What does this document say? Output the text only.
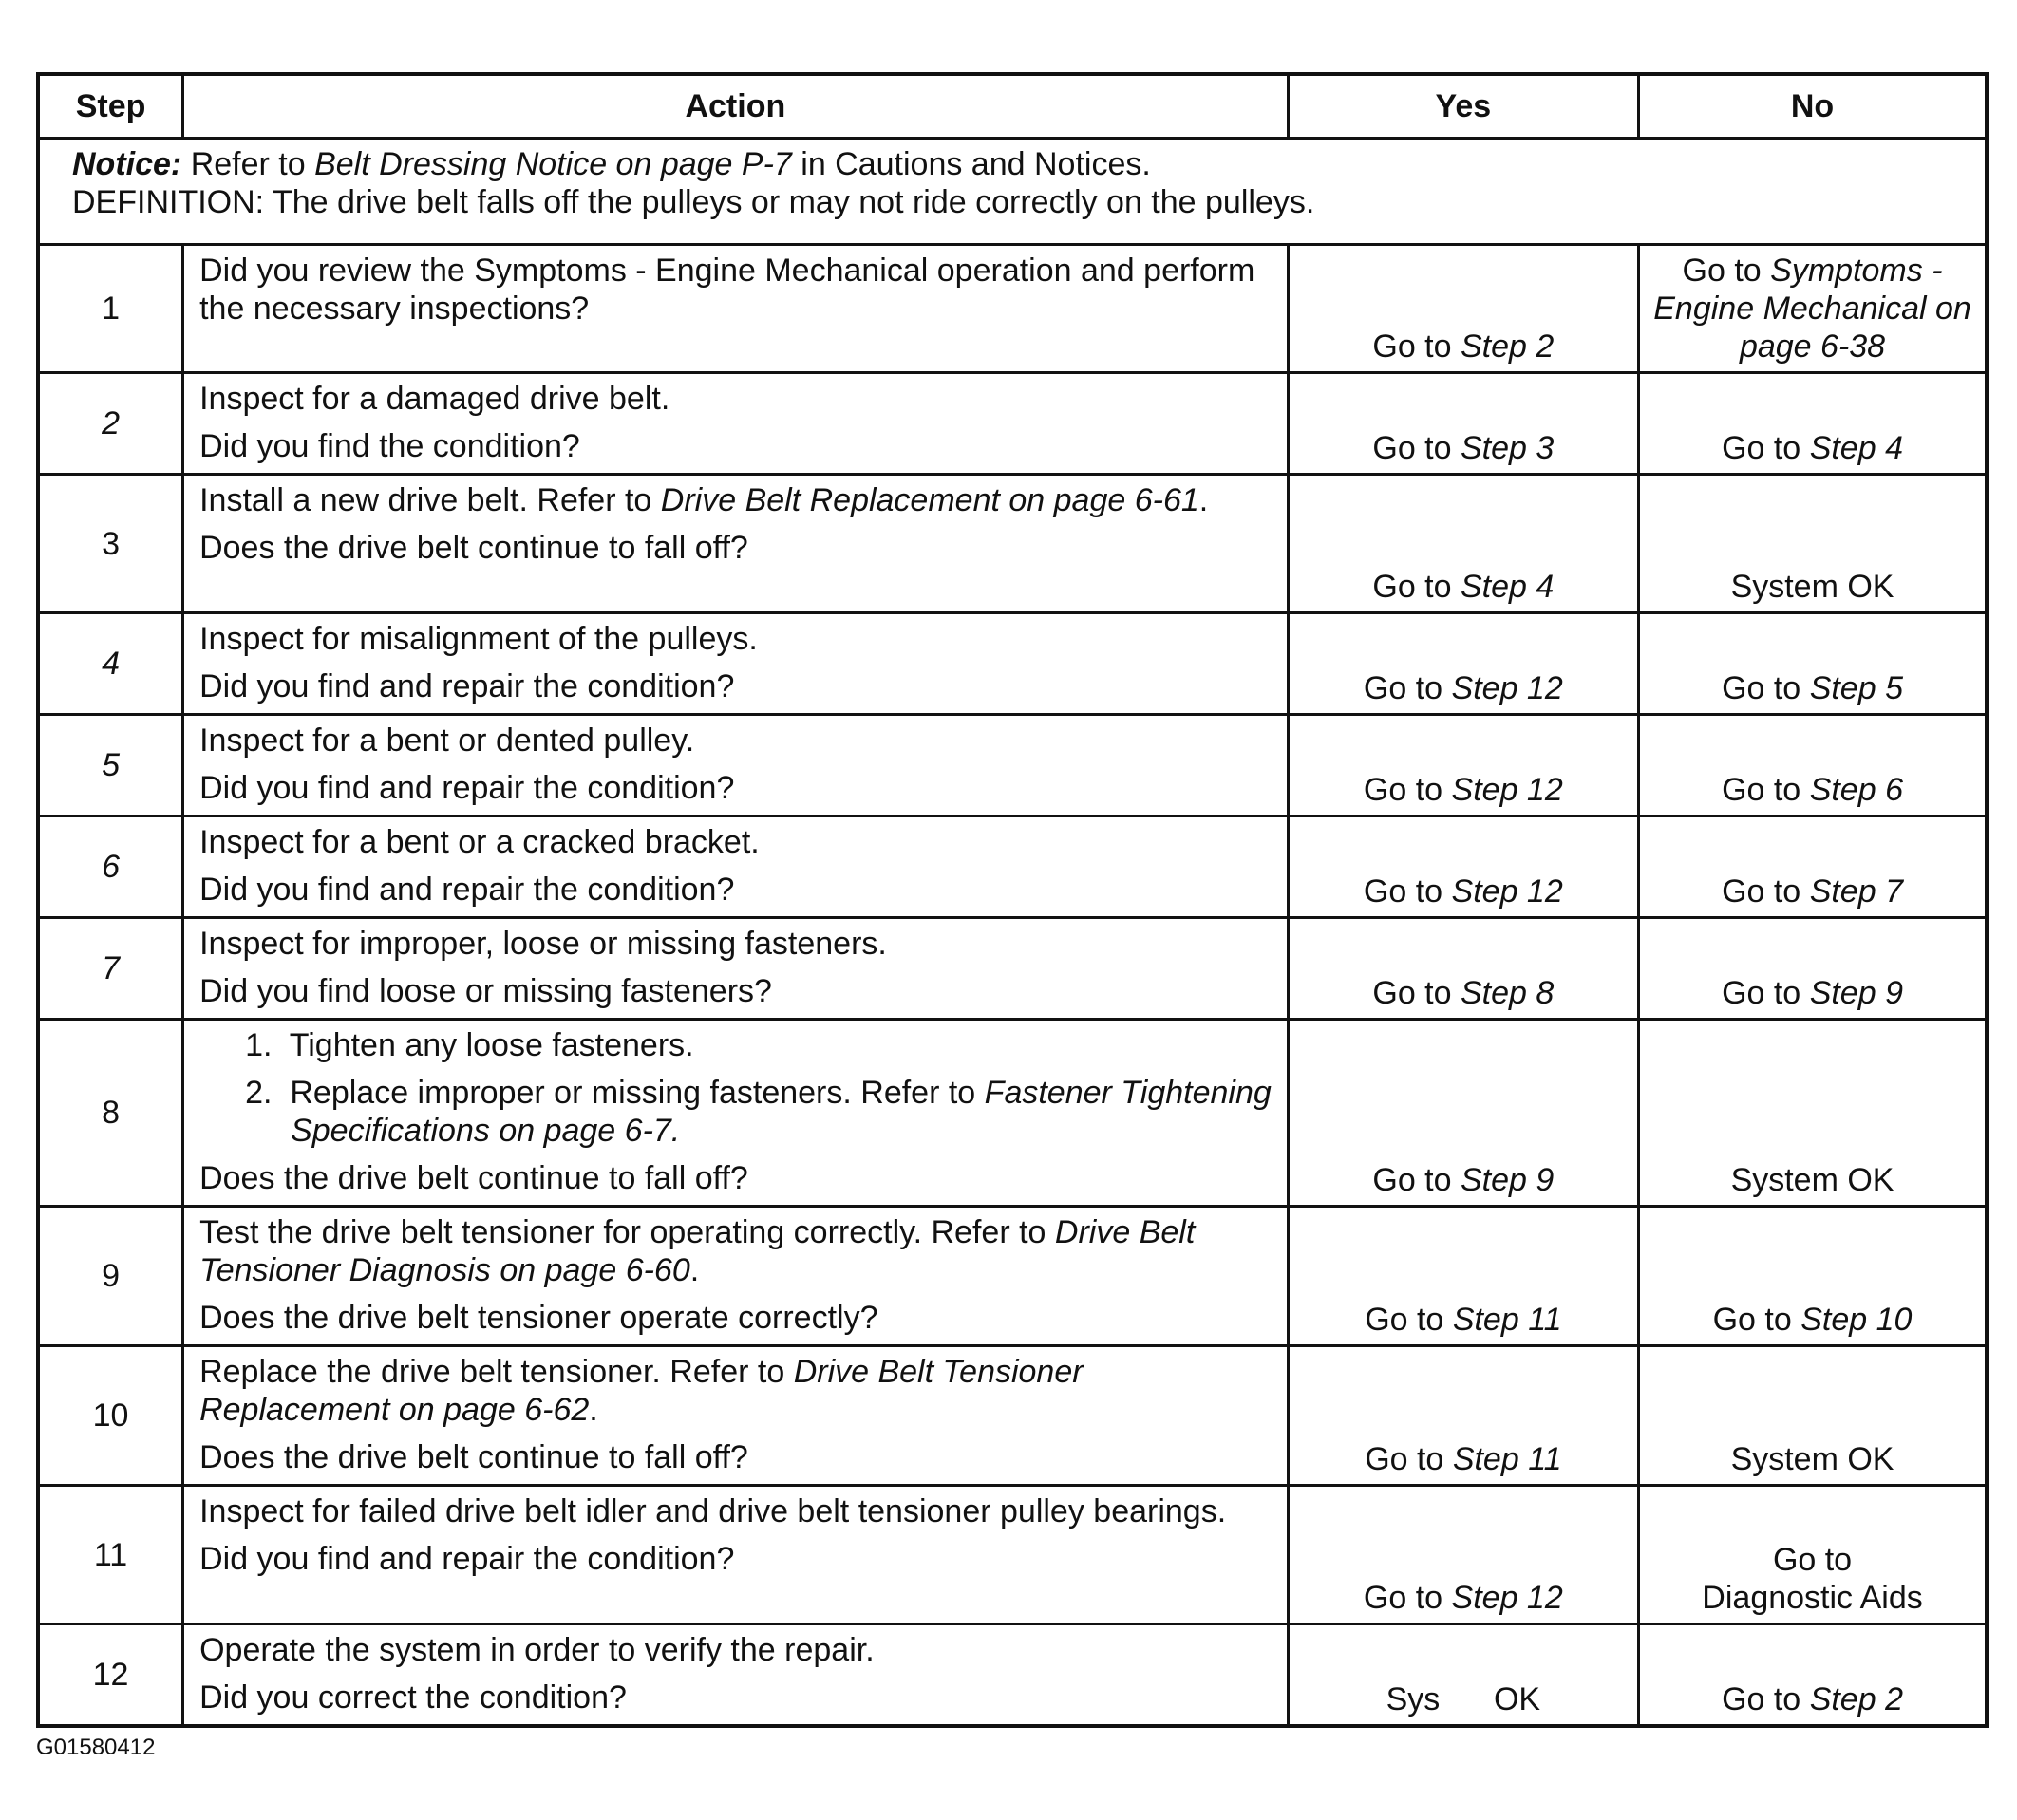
Step	Action	Yes	No

Notice: Refer to Belt Dressing Notice on page P-7 in Cautions and Notices.
DEFINITION: The drive belt falls off the pulleys or may not ride correctly on the pulleys.			

1	Did you review the Symptoms - Engine Mechanical operation and perform the necessary inspections?	Go to Step 2	Go to Symptoms - Engine Mechanical on page 6-38
2	Inspect for a damaged drive belt.
Did you find the condition?	Go to Step 3	Go to Step 4
3	Install a new drive belt. Refer to Drive Belt Replacement on page 6-61.
Does the drive belt continue to fall off?	Go to Step 4	System OK
4	Inspect for misalignment of the pulleys.
Did you find and repair the condition?	Go to Step 12	Go to Step 5
5	Inspect for a bent or dented pulley.
Did you find and repair the condition?	Go to Step 12	Go to Step 6
6	Inspect for a bent or a cracked bracket.
Did you find and repair the condition?	Go to Step 12	Go to Step 7
7	Inspect for improper, loose or missing fasteners.
Did you find loose or missing fasteners?	Go to Step 8	Go to Step 9
8	1. Tighten any loose fasteners.
2. Replace improper or missing fasteners. Refer to Fastener Tightening Specifications on page 6-7.
Does the drive belt continue to fall off?	Go to Step 9	System OK
9	Test the drive belt tensioner for operating correctly. Refer to Drive Belt Tensioner Diagnosis on page 6-60.
Does the drive belt tensioner operate correctly?	Go to Step 11	Go to Step 10
10	Replace the drive belt tensioner. Refer to Drive Belt Tensioner Replacement on page 6-62.
Does the drive belt continue to fall off?	Go to Step 11	System OK
11	Inspect for failed drive belt idler and drive belt tensioner pulley bearings.
Did you find and repair the condition?	Go to Step 12	Go to
Diagnostic Aids

12	Operate the system in order to verify the repair.
Did you correct the condition?	Sys      OK	Go to Step 2
G01580412
